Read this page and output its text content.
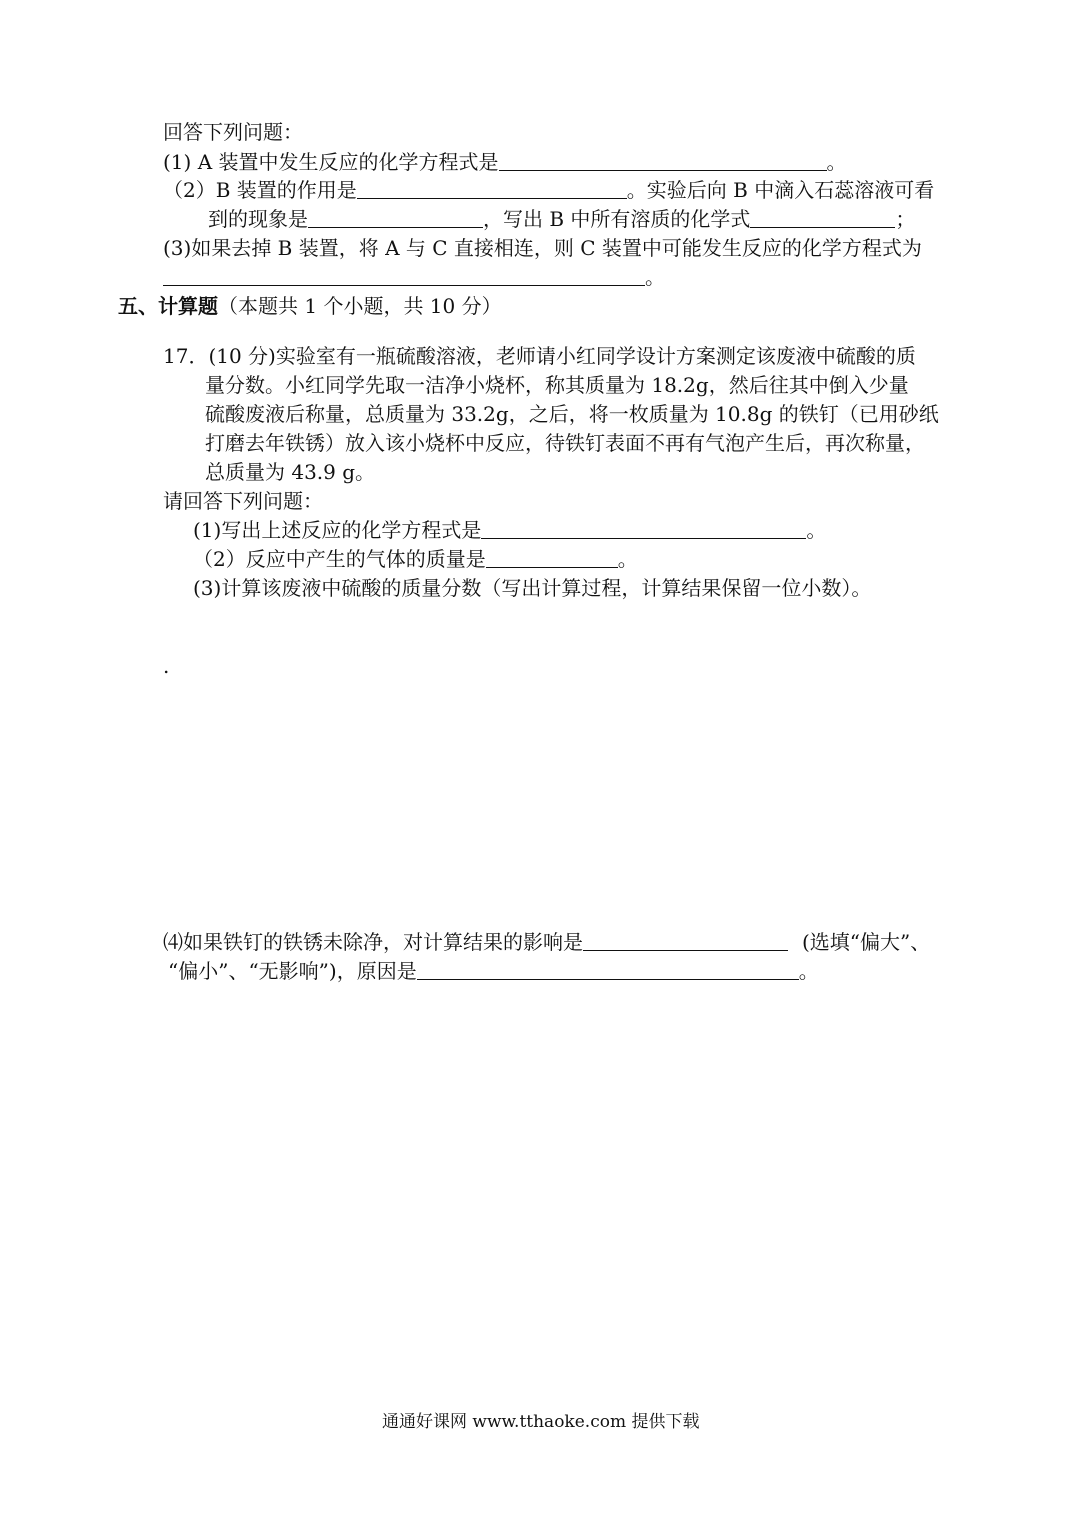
回答下列问题：
(1) A 装置中发生反应的化学方程式是	。
（2）B 装置的作用是	。实验后向 B 中滴入石蕊溶液可看
到的现象是	，写出 B 中所有溶质的化学式	；
(3)如果去掉 B 装置，将 A 与 C 直接相连，则 C 装置中可能发生反应的化学方程式为
。
五、计算题（本题共 1 个小题，共 10 分）
17．(10 分)实验室有一瓶硫酸溶液，老师请小红同学设计方案测定该废液中硫酸的质
量分数。小红同学先取一洁净小烧杯，称其质量为 18.2g，然后往其中倒入少量
硫酸废液后称量，总质量为 33.2g，之后，将一枚质量为 10.8g 的铁钉（已用砂纸
打磨去年铁锈）放入该小烧杯中反应，待铁钉表面不再有气泡产生后，再次称量，
总质量为 43.9 g。
请回答下列问题：
(1)写出上述反应的化学方程式是	。
（2）反应中产生的气体的质量是	。
(3)计算该废液中硫酸的质量分数（写出计算过程，计算结果保留一位小数）。
.
⑷如果铁钉的铁锈未除净，对计算结果的影响是	(选填“偏大”、
“偏小”、“无影响”)，原因是	。
通通好课网 www.tthaoke.com 提供下载
